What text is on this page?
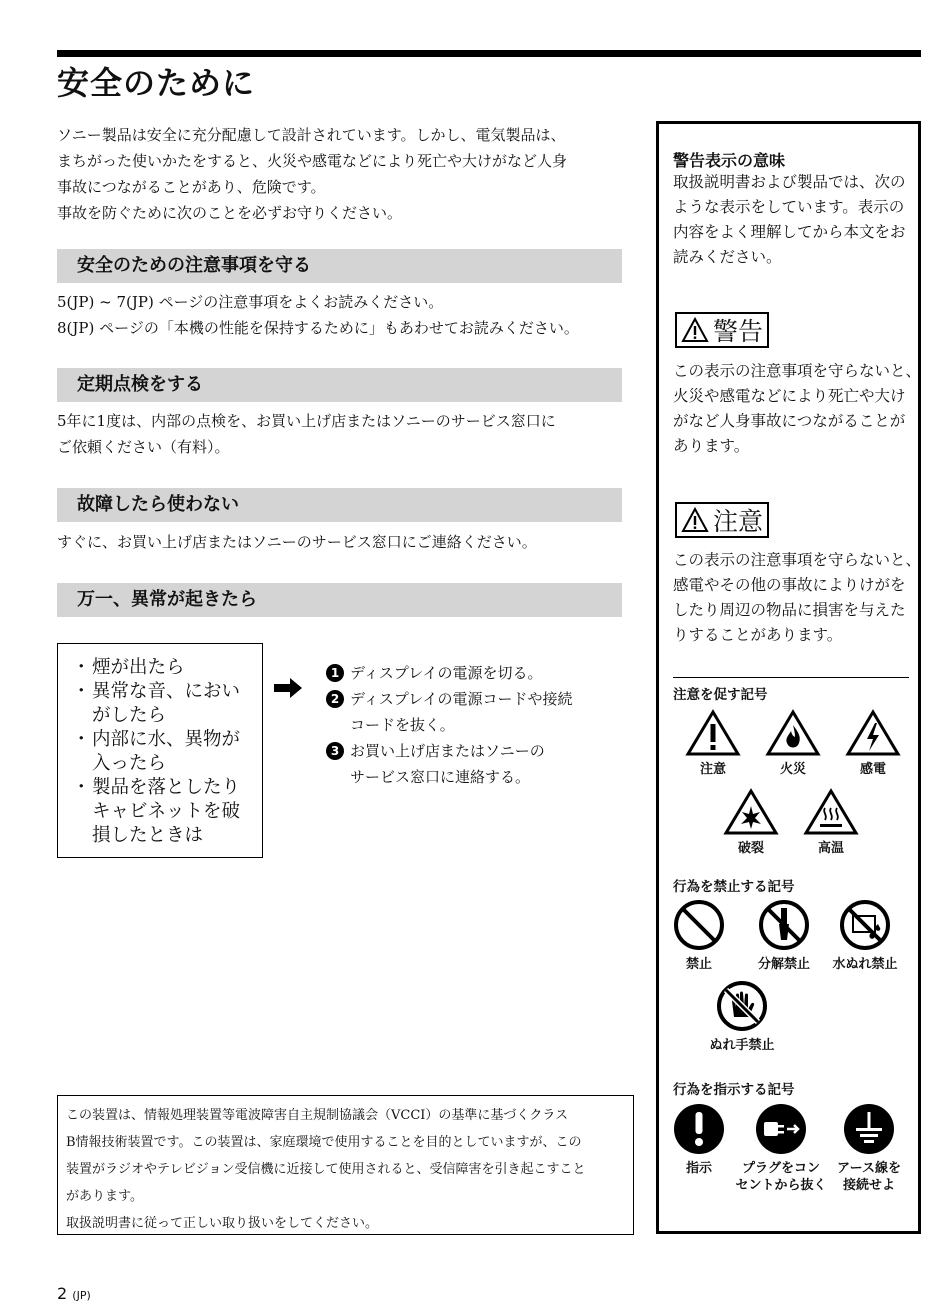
安全のために

ソニー製品は安全に充分配慮して設計されています。しかし、電気製品は、

まちがった使いかたをすると、火災や感電などにより死亡や大けがなど人身

事故につながることがあり、危険です。

事故を防ぐために次のことを必ずお守りください。

安全のための注意事項を守る

5(JP) ~ 7(JP) ページの注意事項をよくお読みください。

8(JP) ページの「本機の性能を保持するために」もあわせてお読みください。

定期点検をする

5年に1度は、内部の点検を、お買い上げ店またはソニーのサービス窓口に

ご依頼ください（有料）。

故障したら使わない

すぐに、お買い上げ店またはソニーのサービス窓口にご連絡ください。

万一、異常が起きたら
・ 煙が出たら
・ 異常な音、におい
がしたら
・ 内部に水、異物が
入ったら
・ 製品を落としたり
キャビネットを破
損したときは
1 ディスプレイの電源を切る。

2 ディスプレイの電源コードや接続

コードを抜く。

3 お買い上げ店またはソニーの

サービス窓口に連絡する。

この装置は、情報処理装置等電波障害自主規制協議会（VCCI）の基準に基づくクラス

B情報技術装置です。この装置は、家庭環境で使用することを目的としていますが、この

装置がラジオやテレビジョン受信機に近接して使用されると、受信障害を引き起こすこと

があります。

取扱説明書に従って正しい取り扱いをしてください。

2 (JP)
警告表示の意味

取扱説明書および製品では、次の

ような表示をしています。表示の

内容をよく理解してから本文をお

読みください。

警告

この表示の注意事項を守らないと、

火災や感電などにより死亡や大け

がなど人身事故につながることが

あります。

注意

この表示の注意事項を守らないと、

感電やその他の事故によりけがを

したり周辺の物品に損害を与えた

りすることがあります。

注意を促す記号
注意	火災	感電
破裂	高温
行為を禁止する記号
禁止	分解禁止	水ぬれ禁止
ぬれ手禁止
行為を指示する記号
指示	プラグをコン
セントから抜く
アース線を
接続せよ
